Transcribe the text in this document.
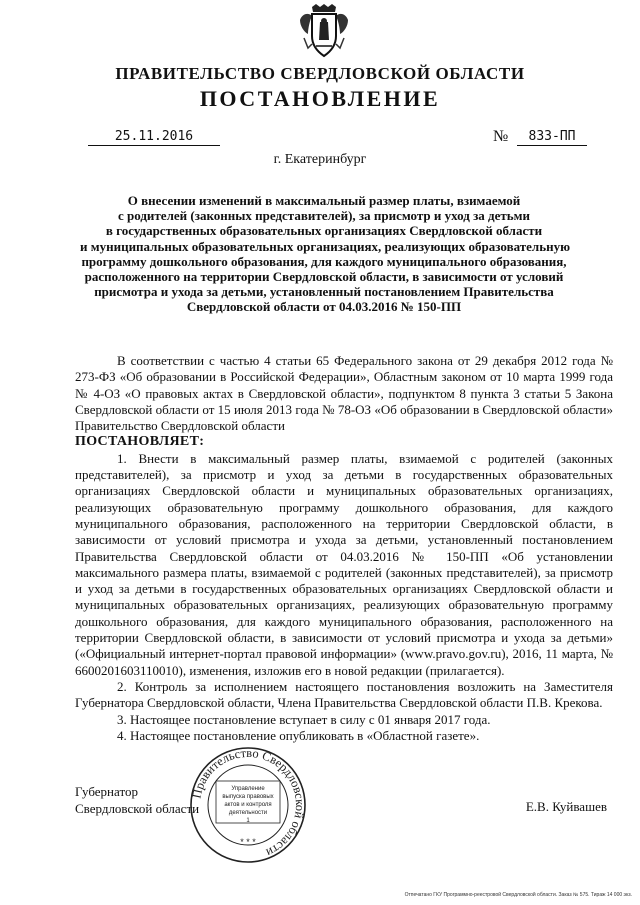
ПРАВИТЕЛЬСТВО СВЕРДЛОВСКОЙ ОБЛАСТИ
ПОСТАНОВЛЕНИЕ
25.11.2016	№	833-ПП
г. Екатеринбург
О внесении изменений в максимальный размер платы, взимаемой
с родителей (законных представителей), за присмотр и уход за детьми
в государственных образовательных организациях Свердловской области
и муниципальных образовательных организациях, реализующих образовательную
программу дошкольного образования, для каждого муниципального образования,
расположенного на территории Свердловской области, в зависимости от условий
присмотра и ухода за детьми, установленный постановлением Правительства
Свердловской области от 04.03.2016 № 150-ПП

В соответствии с частью 4 статьи 65 Федерального закона от 29 декабря 2012 года № 273-ФЗ «Об образовании в Российской Федерации», Областным законом от 10 марта 1999 года № 4-ОЗ «О правовых актах в Свердловской области», подпунктом 8 пункта 3 статьи 5 Закона Свердловской области от 15 июля 2013 года № 78-ОЗ «Об образовании в Свердловской области» Правительство Свердловской области

ПОСТАНОВЛЯЕТ:

1. Внести в максимальный размер платы, взимаемой с родителей (законных представителей), за присмотр и уход за детьми в государственных образовательных организациях Свердловской области и муниципальных образовательных организациях, реализующих образовательную программу дошкольного образования, для каждого муниципального образования, расположенного на территории Свердловской области, в зависимости от условий присмотра и ухода за детьми, установленный постановлением Правительства Свердловской области от 04.03.2016 № 150-ПП «Об установлении максимального размера платы, взимаемой с родителей (законных представителей), за присмотр и уход за детьми в государственных образовательных организациях Свердловской области и муниципальных образовательных организациях, реализующих образовательную программу дошкольного образования, для каждого муниципального образования, расположенного на территории Свердловской области, в зависимости от условий присмотра и ухода за детьми» («Официальный интернет-портал правовой информации» (www.pravo.gov.ru), 2016, 11 марта, № 6600201603110010), изменения, изложив его в новой редакции (прилагается).

2. Контроль за исполнением настоящего постановления возложить на Заместителя Губернатора Свердловской области, Члена Правительства Свердловской области П.В. Крекова.

3. Настоящее постановление вступает в силу с 01 января 2017 года.

4. Настоящее постановление опубликовать в «Областной газете».

Губернатор
Свердловской области	Е.В. Куйвашев
Правительство Свердловской области
Управление
выпуска правовых
актов и контроля
деятельности
1
* * *
Отпечатано ГКУ Программно-реестровой Свердловской области. Заказ № 575. Тираж 14 000 экз.
